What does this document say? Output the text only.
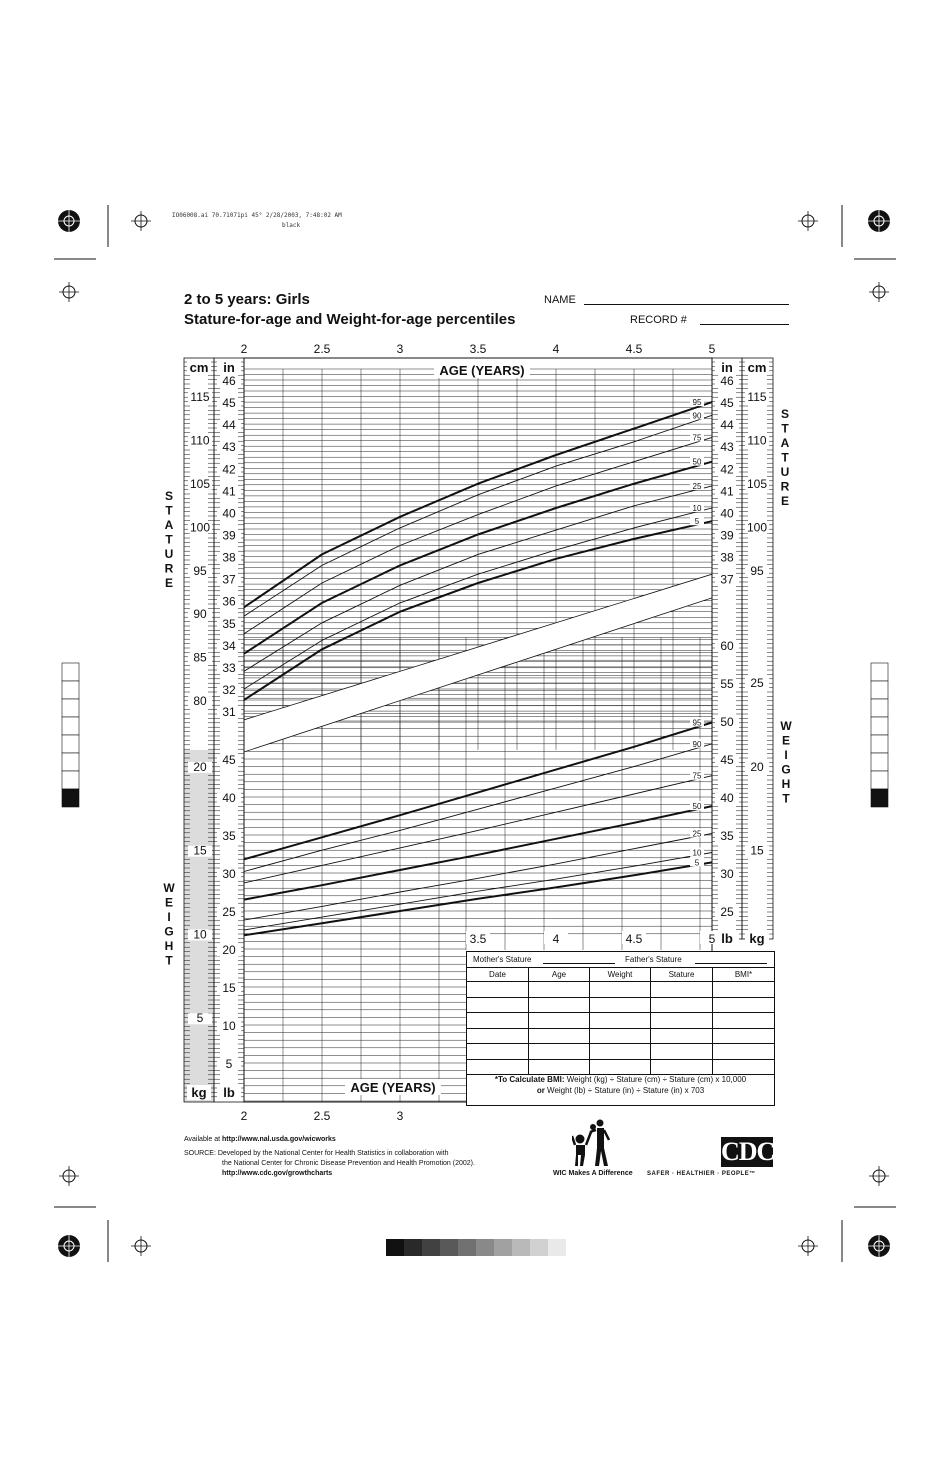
IO06008.ai 70.71071pi 45° 2/28/2003, 7:48:02 AM
black
2 to 5 years: Girls
Stature-for-age and Weight-for-age percentiles
NAME
RECORD #
2	2.5	3	3.5	4	4.5	5
2	2.5	3
3.5	4	4.5	5
AGE (YEARS)
AGE (YEARS)
cm in	in cm
kg lb
lb kg
31
32
33
34
35
36
37
38
39
40
41
42
43
44
45
46
37
38
39
40
41
42
43
44
45
46
80
85
90
95
100
105
110
115
95
100
105
110
115
5
10
15
20
25
30
35
40
45
25
30
35
40
45
50
55
60
5
10
15
20
15
20
25
S
T
A
T
U
R
E
S
T
A
T
U
R
E
W
E
I
G
H
T
W
E
I
G
H
T
5
10
25
50
75
90
95
5
10
25
50
75
90
95
Mother's Stature	Father's Stature
Date	Age	Weight	Stature	BMI*
*To Calculate BMI: Weight (kg) ÷ Stature (cm) ÷ Stature (cm) x 10,000
or Weight (lb) ÷ Stature (in) ÷ Stature (in) x 703
Available at http://www.nal.usda.gov/wicworks
SOURCE: Developed by the National Center for Health Statistics in collaboration with
the National Center for Chronic Disease Prevention and Health Promotion (2002).
http://www.cdc.gov/growthcharts	WIC Makes A Difference
CDC
SAFER · HEALTHIER · PEOPLE™
